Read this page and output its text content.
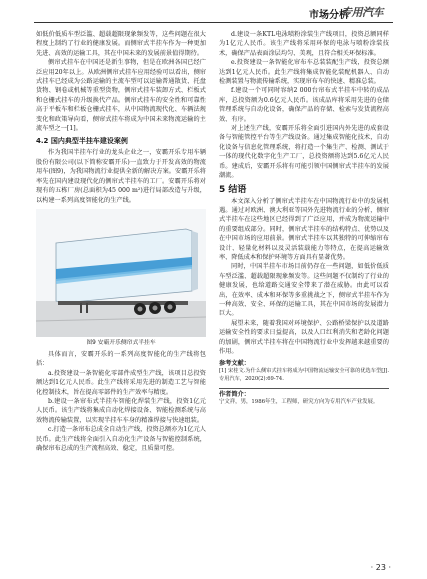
市场分析
专用汽车

如低价低质车型泛滥、超载超限现象频发等，这些问题在很大程度上制约了行业的健康发展。而侧帘式半挂车作为一种更加先进、高效的运输工具，其在中国未来的发展前景值得期待。

侧帘式挂车在中国还是新生事物，但是在欧洲各国已经广泛应用20年以上。从欧洲侧帘式挂车应用经验可以看出，侧帘式挂车已经成为公路运输的主流车型可以运输普通散货、托盘货物、钢卷或机械等重型货物，侧帘式挂车装卸方式、栏板式和仓栅式挂车的升级换代产品。侧帘式挂车的安全性和可靠性高于平板车和栏板仓栅式挂车，从中国物流现代化、车辆法规变化和政策导向看，侧帘式挂车将成为中国未来物流运输的主流车型之一[1]。

4.2 国内典型半挂车建设案例

作为我国半挂车行业的龙头企业之一，安霸开乐专用车辆股份有限公司(以下简称安霸开乐)一直致力于开发高效的物流用车(图9)，为我国物流行业提供全新的解决方案。安霸开乐将率先在国内建设现代化的侧帘式半挂车的工厂。安霸开乐将对现有的五栋厂房(总面积为45 000 m²)进行局部改造与升级，以构建一系列高度智能化的生产线。

图9 安霸开乐侧帘式半挂车

具体而言，安霸开乐的一系列高度智能化的生产线将包括：

a.投资建设一条智能化零部件成型生产线，该项目总投资额达到1亿元人民币。此生产线将采用先进的制造工艺与智能化控制技术，旨在提高零部件的生产效率与精度。

b.建设一条帘布式半挂车智能化焊装生产线，投资1亿元人民币。该生产线将集成自动化焊接设备、智能检测系统与高效物流传输装置，以实现半挂车车身的精准焊接与快速组装。

c.打造一条帘布总成全自动生产线，投资总额亦为1亿元人民币。此生产线将全面引入自动化生产设备与智能控制系统，确保帘布总成的生产流程高效、稳定，且质量可控。

d.建设一条KTL电泳喷粉涂装生产线项目，投资总额同样为1亿元人民币。该生产线将采用环保的电泳与喷粉涂装技术，确保产品表面涂层均匀、美观，且符合相关环保标准。

e.投资建设一条智能化帘布车总装装配生产线，投资总额达到1亿元人民币。此生产线将集成智能化装配机器人、自动检测装置与物流传输系统，实现帘布车的快速、精准总装。

f.建设一个可同时容纳2 000台帘布式半挂车中转的成品库，总投资额为0.6亿元人民币。该成品库将采用先进的仓储管理系统与自动化设备，确保产品的存储、检索与发货流程高效、有序。

对上述生产线，安霸开乐将全面引进国内外先进的成套设备与智能管控平台等生产线设备。通过集成智能化技术，自动化设备与信息化管理系统，将打造一个集生产、检测、测试于一体的现代化数字化生产工厂，总投资额将达到5.6亿元人民币。建成后，安霸开乐将有可能引领中国侧帘式半挂车的发展潮流。

5 结语

本文深入分析了侧帘式半挂车在中国物流行业中的发展机遇。通过对欧洲、澳大利亚等国外先进物流行业的分析，侧帘式半挂车在这些地区已经得到了广泛应用，并成为物流运输中的重要组成部分。同时，侧帘式半挂车的结构特点、优势以及在中国市场的应用前景。侧帘式半挂车以其独特的可伸缩帘布设计、轻量化材料以及灵活装载能力等特点，在提高运输效率、降低成本和保护环境等方面具有显著优势。

同时，中国半挂车市场目前仍存在一些问题，如低价低质车型泛滥、超载超限现象频发等。这些问题不仅制约了行业的健康发展，也给道路交通安全带来了潜在威胁。由此可以看出，在效率、成本和环保等多重挑战之下，侧帘式半挂车作为一种高效、安全、环保的运输工具，其在中国市场的发展潜力巨大。

展望未来，随着我国对环境保护、公路桥梁保护以及道路运输安全性的要求日益提高，以及人口红利消失和老龄化问题的加剧，侧帘式半挂车将在中国物流行业中发挥越来越重要的作用。

参考文献：

[1] 宋桂文.为什么侧帘式挂车将成为中国物流运输安全可靠的优选车型[J].专用汽车，2020(2):69-74.

作者简介：

宁文祥，男，1986年生，工程师，研究方向为专用汽车产业发展。

· 23 ·
